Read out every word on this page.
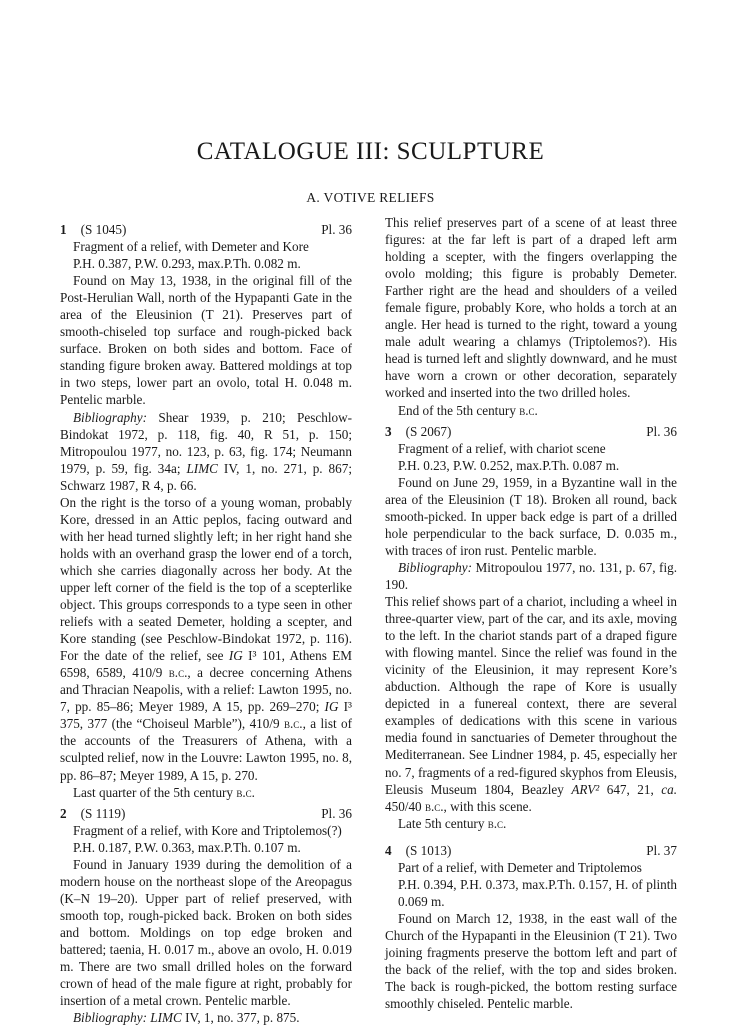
CATALOGUE III: SCULPTURE
A. VOTIVE RELIEFS
1 (S 1045)	Pl. 36

Fragment of a relief, with Demeter and Kore

P.H. 0.387, P.W. 0.293, max.P.Th. 0.082 m.

Found on May 13, 1938, in the original fill of the Post-Herulian Wall, north of the Hypapanti Gate in the area of the Eleusinion (T 21). Preserves part of smooth-chiseled top surface and rough-picked back surface. Broken on both sides and bottom. Face of standing figure broken away. Battered moldings at top in two steps, lower part an ovolo, total H. 0.048 m. Pentelic marble.

Bibliography: Shear 1939, p. 210; Peschlow-Bindokat 1972, p. 118, fig. 40, R 51, p. 150; Mitropoulou 1977, no. 123, p. 63, fig. 174; Neumann 1979, p. 59, fig. 34a; LIMC IV, 1, no. 271, p. 867; Schwarz 1987, R 4, p. 66.

On the right is the torso of a young woman, probably Kore, dressed in an Attic peplos, facing outward and with her head turned slightly left; in her right hand she holds with an overhand grasp the lower end of a torch, which she carries diagonally across her body. At the upper left corner of the field is the top of a scepterlike object. This groups corresponds to a type seen in other reliefs with a seated Demeter, holding a scepter, and Kore standing (see Peschlow-Bindokat 1972, p. 116). For the date of the relief, see IG I³ 101, Athens EM 6598, 6589, 410/9 b.c., a decree concerning Athens and Thracian Neapolis, with a relief: Lawton 1995, no. 7, pp. 85–86; Meyer 1989, A 15, pp. 269–270; IG I³ 375, 377 (the “Choiseul Marble”), 410/9 b.c., a list of the accounts of the Treasurers of Athena, with a sculpted relief, now in the Louvre: Lawton 1995, no. 8, pp. 86–87; Meyer 1989, A 15, p. 270.

Last quarter of the 5th century b.c.

2 (S 1119)	Pl. 36

Fragment of a relief, with Kore and Triptolemos(?)

P.H. 0.187, P.W. 0.363, max.P.Th. 0.107 m.

Found in January 1939 during the demolition of a modern house on the northeast slope of the Areopagus (K–N 19–20). Upper part of relief preserved, with smooth top, rough-picked back. Broken on both sides and bottom. Moldings on top edge broken and battered; taenia, H. 0.017 m., above an ovolo, H. 0.019 m. There are two small drilled holes on the forward crown of head of the male figure at right, probably for insertion of a metal crown. Pentelic marble.

Bibliography: LIMC IV, 1, no. 377, p. 875.

This relief preserves part of a scene of at least three figures: at the far left is part of a draped left arm holding a scepter, with the fingers overlapping the ovolo molding; this figure is probably Demeter. Farther right are the head and shoulders of a veiled female figure, probably Kore, who holds a torch at an angle. Her head is turned to the right, toward a young male adult wearing a chlamys (Triptolemos?). His head is turned left and slightly downward, and he must have worn a crown or other decoration, separately worked and inserted into the two drilled holes.

End of the 5th century b.c.

3 (S 2067)	Pl. 36

Fragment of a relief, with chariot scene

P.H. 0.23, P.W. 0.252, max.P.Th. 0.087 m.

Found on June 29, 1959, in a Byzantine wall in the area of the Eleusinion (T 18). Broken all round, back smooth-picked. In upper back edge is part of a drilled hole perpendicular to the back surface, D. 0.035 m., with traces of iron rust. Pentelic marble.

Bibliography: Mitropoulou 1977, no. 131, p. 67, fig. 190.

This relief shows part of a chariot, including a wheel in three-quarter view, part of the car, and its axle, moving to the left. In the chariot stands part of a draped figure with flowing mantel. Since the relief was found in the vicinity of the Eleusinion, it may represent Kore’s abduction. Although the rape of Kore is usually depicted in a funereal context, there are several examples of dedications with this scene in various media found in sanctuaries of Demeter throughout the Mediterranean. See Lindner 1984, p. 45, especially her no. 7, fragments of a red-figured skyphos from Eleusis, Eleusis Museum 1804, Beazley ARV² 647, 21, ca. 450/40 b.c., with this scene.

Late 5th century b.c.

4 (S 1013)	Pl. 37

Part of a relief, with Demeter and Triptolemos

P.H. 0.394, P.H. 0.373, max.P.Th. 0.157, H. of plinth 0.069 m.

Found on March 12, 1938, in the east wall of the Church of the Hypapanti in the Eleusinion (T 21). Two joining fragments preserve the bottom left and part of the back of the relief, with the top and sides broken. The back is rough-picked, the bottom resting surface smoothly chiseled. Pentelic marble.
